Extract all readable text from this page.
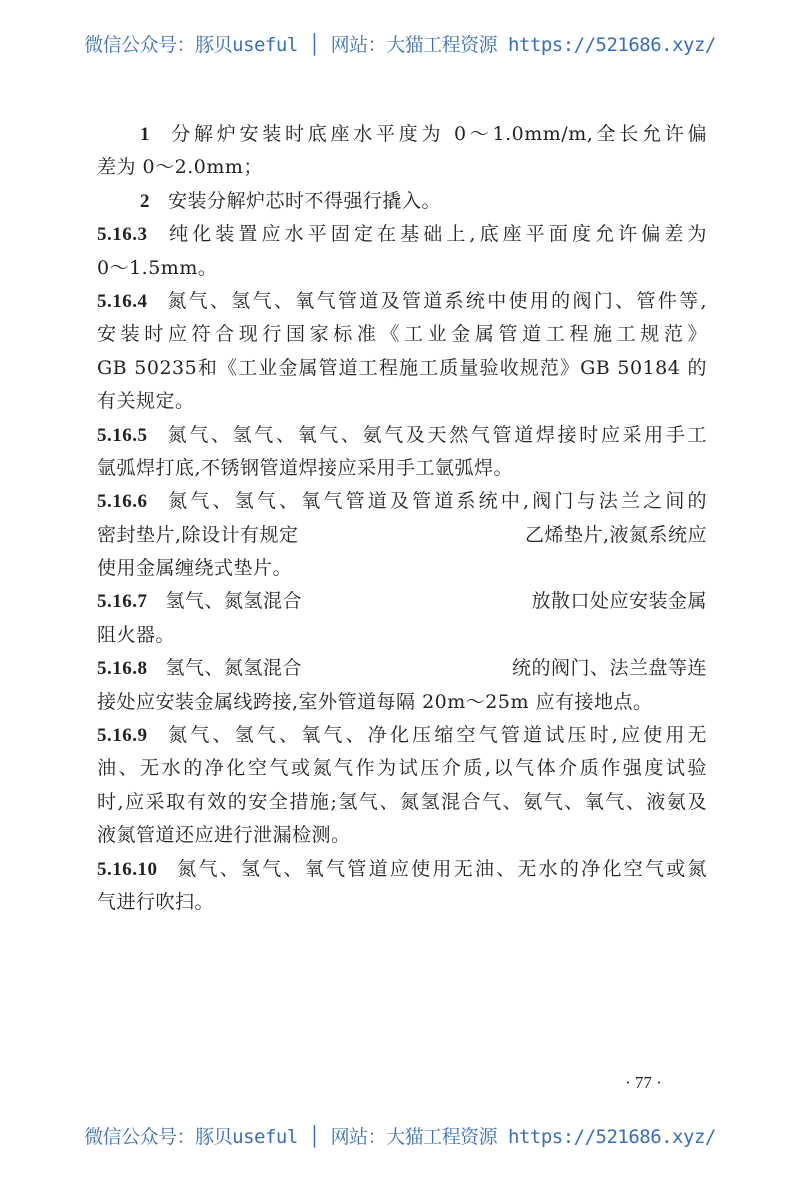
微信公众号：豚贝useful │ 网站：大猫工程资源 https://521686.xyz/
1 分解炉安装时底座水平度为 0～1.0mm/m,全长允许偏
差为 0～2.0mm；
2 安装分解炉芯时不得强行撬入。
5.16.3 纯化装置应水平固定在基础上,底座平面度允许偏差为
0～1.5mm。
5.16.4 氮气、氢气、氧气管道及管道系统中使用的阀门、管件等,
安装时应符合现行国家标准《工业金属管道工程施工规范》
GB 50235和《工业金属管道工程施工质量验收规范》GB 50184 的
有关规定。
5.16.5 氮气、氢气、氧气、氨气及天然气管道焊接时应采用手工
氩弧焊打底,不锈钢管道焊接应采用手工氩弧焊。
5.16.6 氮气、氢气、氧气管道及管道系统中,阀门与法兰之间的
密封垫片,除设计有规定	乙烯垫片,液氮系统应
使用金属缠绕式垫片。
5.16.7 氢气、氮氢混合	放散口处应安装金属
阻火器。
5.16.8 氢气、氮氢混合	统的阀门、法兰盘等连
接处应安装金属线跨接,室外管道每隔 20m～25m 应有接地点。
5.16.9 氮气、氢气、氧气、净化压缩空气管道试压时,应使用无
油、无水的净化空气或氮气作为试压介质,以气体介质作强度试验
时,应采取有效的安全措施;氢气、氮氢混合气、氨气、氧气、液氨及
液氮管道还应进行泄漏检测。
5.16.10 氮气、氢气、氧气管道应使用无油、无水的净化空气或氮
气进行吹扫。
· 77 ·
微信公众号：豚贝useful │ 网站：大猫工程资源 https://521686.xyz/
